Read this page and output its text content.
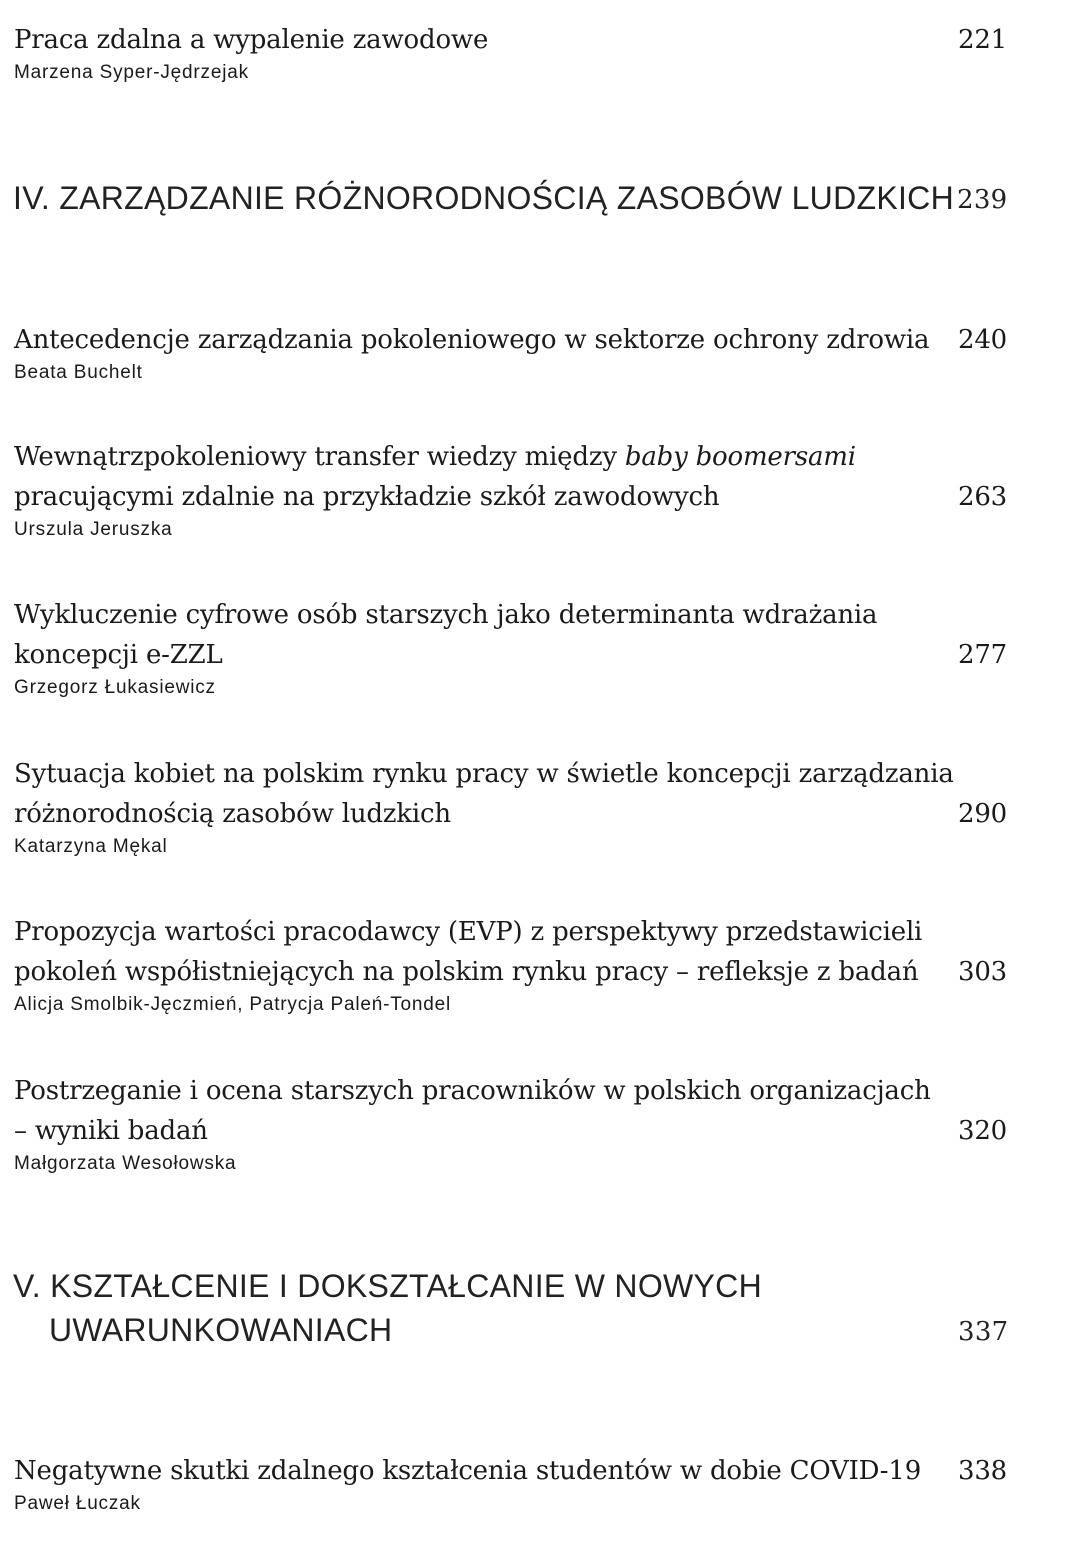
Praca zdalna a wypalenie zawodowe	221
Marzena Syper-Jędrzejak
IV. ZARZĄDZANIE RÓŻNORODNOŚCIĄ ZASOBÓW LUDZKICH 239
Antecedencje zarządzania pokoleniowego w sektorze ochrony zdrowia 240
Beata Buchelt
Wewnątrzpokoleniowy transfer wiedzy między baby boomersami
pracującymi zdalnie na przykładzie szkół zawodowych	263
Urszula Jeruszka
Wykluczenie cyfrowe osób starszych jako determinanta wdrażania
koncepcji e-ZZL	277
Grzegorz Łukasiewicz
Sytuacja kobiet na polskim rynku pracy w świetle koncepcji zarządzania
różnorodnością zasobów ludzkich	290
Katarzyna Mękal
Propozycja wartości pracodawcy (EVP) z perspektywy przedstawicieli
pokoleń współistniejących na polskim rynku pracy – refleksje z badań 303
Alicja Smolbik-Jęczmień, Patrycja Paleń-Tondel
Postrzeganie i ocena starszych pracowników w polskich organizacjach
– wyniki badań	320
Małgorzata Wesołowska
V. KSZTAŁCENIE I DOKSZTAŁCANIE W NOWYCH
UWARUNKOWANIACH	337
Negatywne skutki zdalnego kształcenia studentów w dobie COVID-19 338
Paweł Łuczak
